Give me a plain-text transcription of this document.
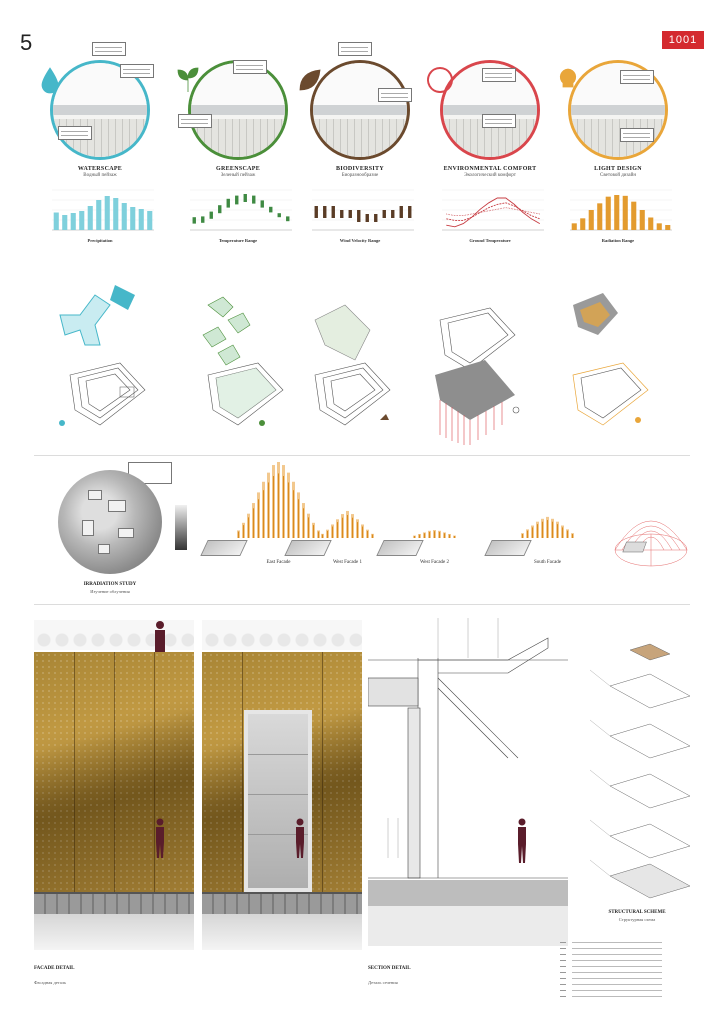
5	1001
WATERSCAPE
Водный пейзаж
GREENSCAPE
Зеленый пейзаж
BIODIVERSITY
Биоразнообразие
ENVIRONMENTAL COMFORT
Экологический комфорт
LIGHT DESIGN
Световой дизайн
Precipitation	Temperature Range	Wind Velocity Range	Ground Temperature	Radiation Range
IRRADIATION STUDY
Изучение облучения
East Facade	West Facade 1	West Facade 2	South Facade
FACADE DETAIL
Фасадная деталь
SECTION DETAIL
Деталь сечения
STRUCTURAL SCHEME
Структурная схема
